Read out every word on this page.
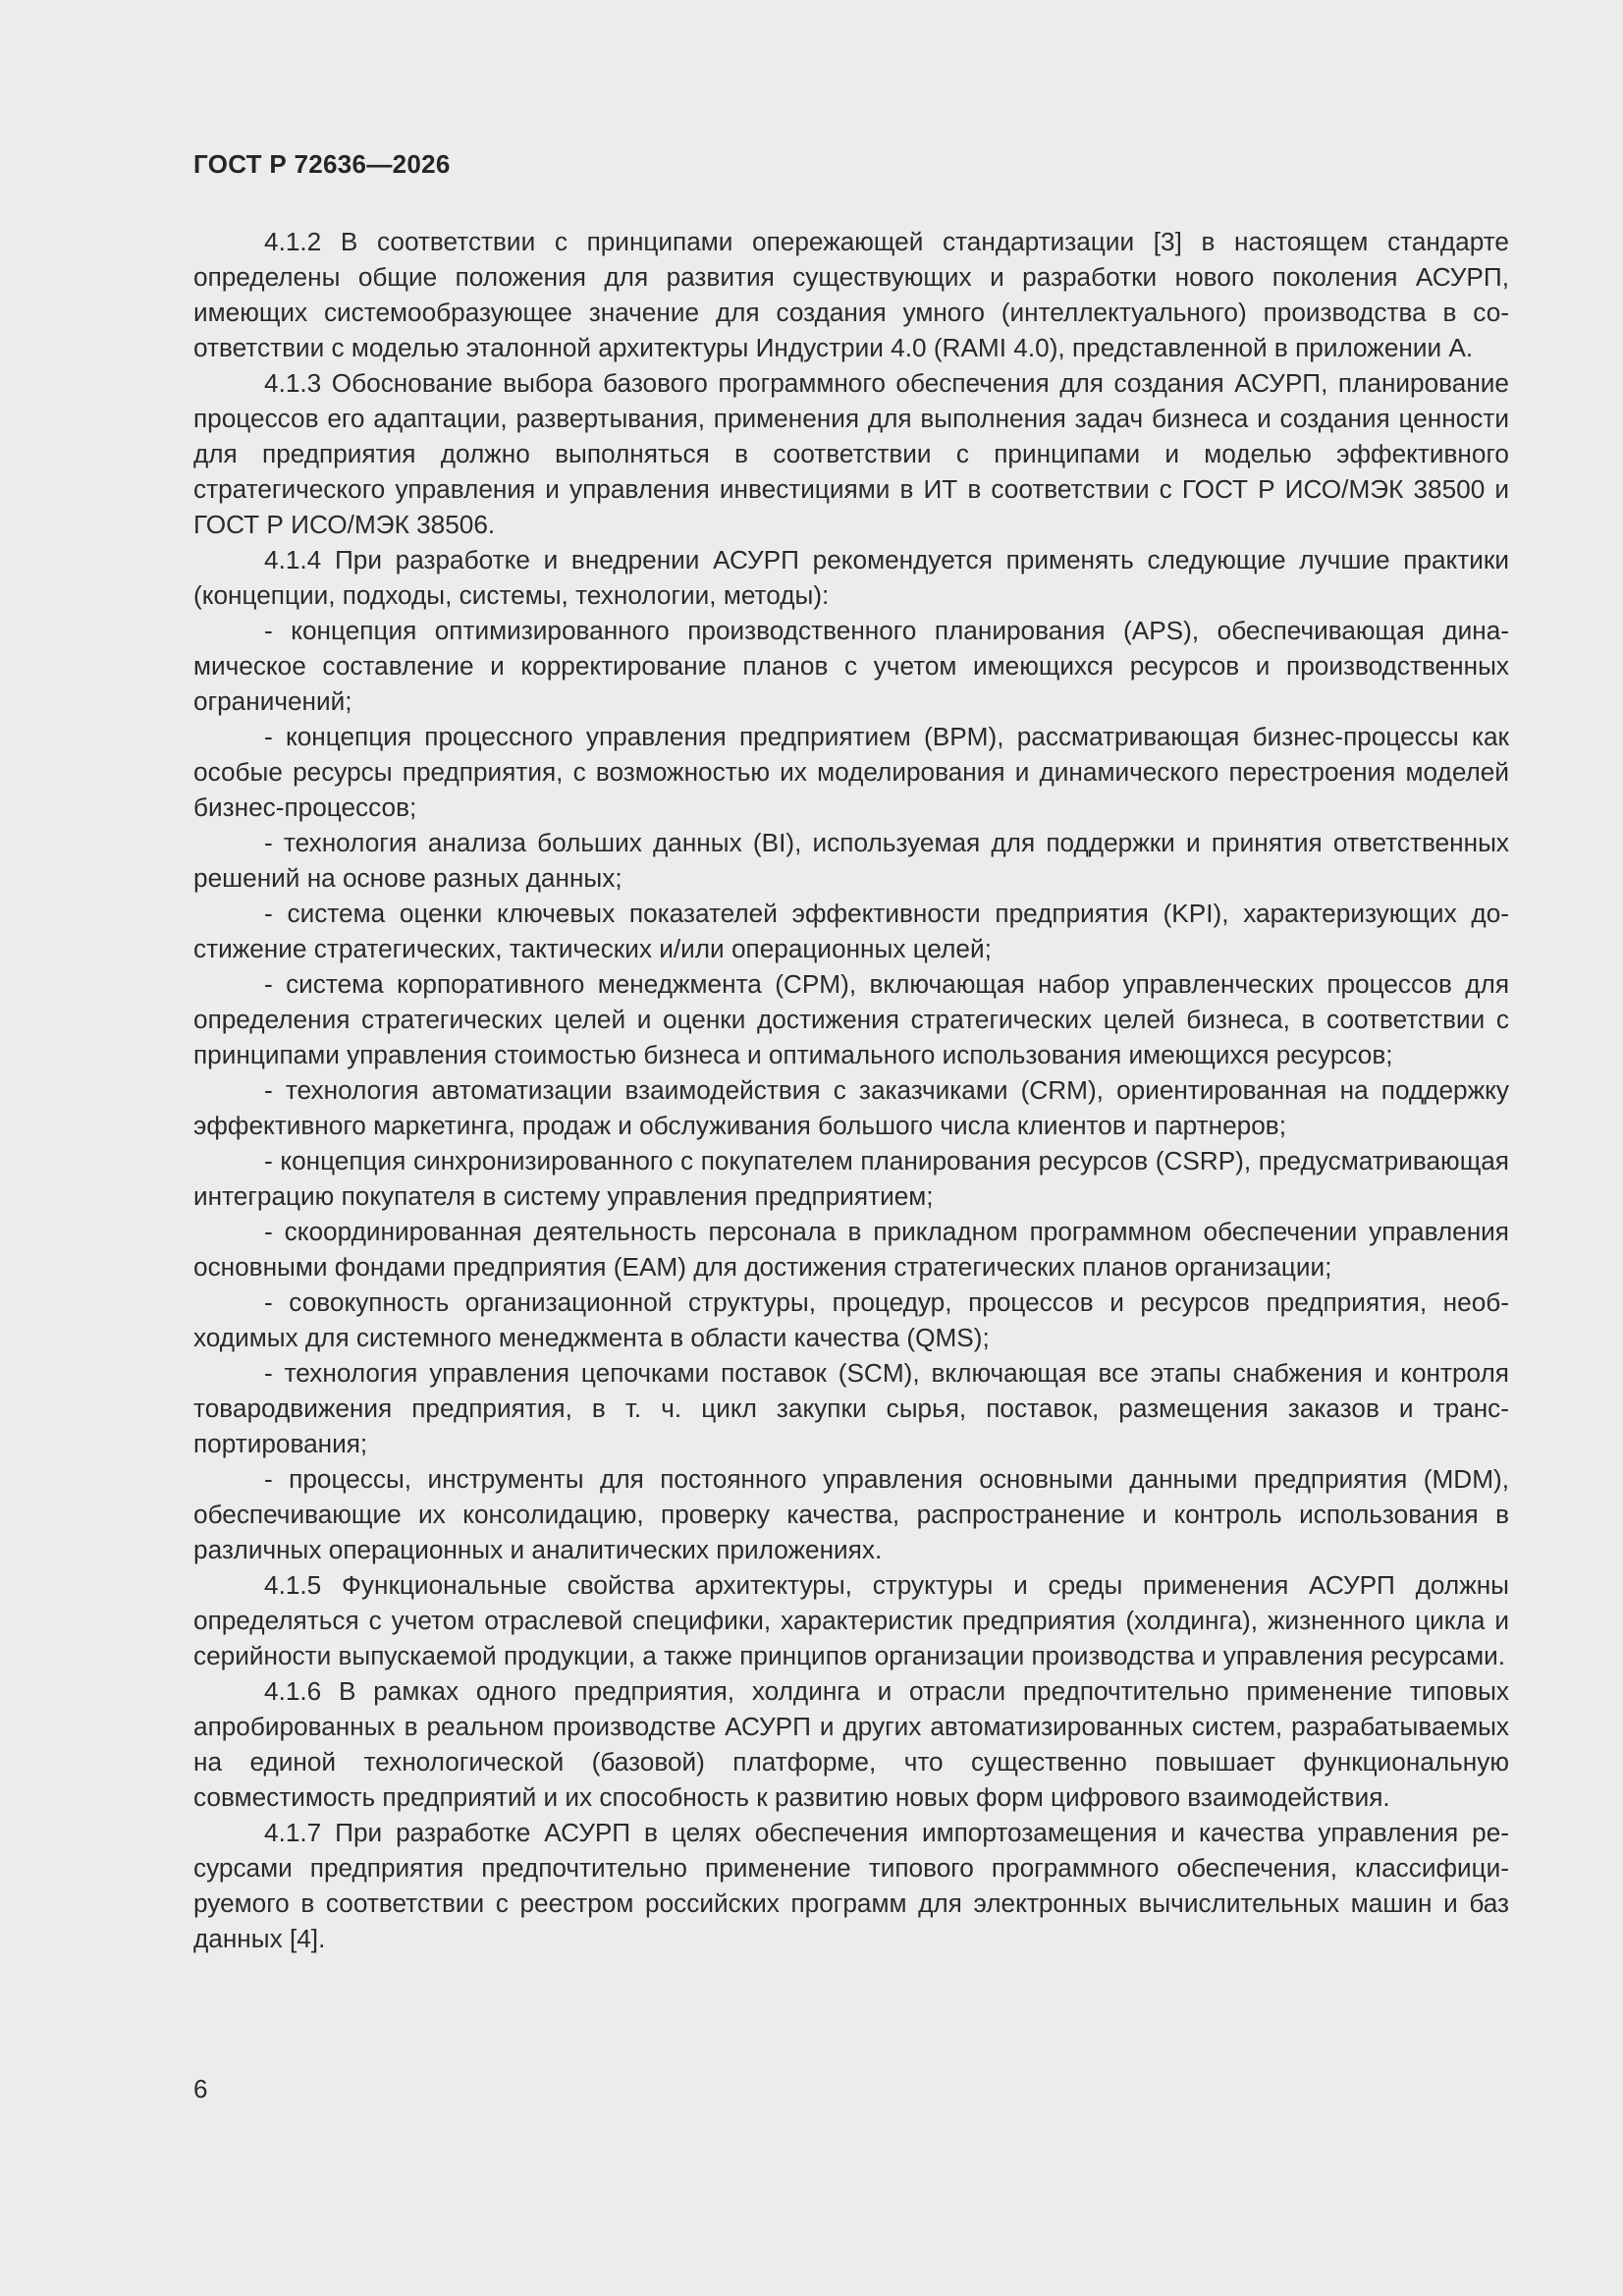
ГОСТ Р 72636—2026

4.1.2 В соответствии с принципами опережающей стандартизации [3] в настоящем стандарте определены общие положения для развития существующих и разработки нового поколения АСУРП, имеющих системообразующее значение для создания умного (интеллектуального) производства в соответствии с моделью эталонной архитектуры Индустрии 4.0 (RAMI 4.0), представленной в приложении А.

4.1.3 Обоснование выбора базового программного обеспечения для создания АСУРП, планирование процессов его адаптации, развертывания, применения для выполнения задач бизнеса и создания ценности для предприятия должно выполняться в соответствии с принципами и моделью эффективного стратегического управления и управления инвестициями в ИТ в соответствии с ГОСТ Р ИСО/МЭК 38500 и ГОСТ Р ИСО/МЭК 38506.

4.1.4 При разработке и внедрении АСУРП рекомендуется применять следующие лучшие практики (концепции, подходы, системы, технологии, методы):

- концепция оптимизированного производственного планирования (APS), обеспечивающая динамическое составление и корректирование планов с учетом имеющихся ресурсов и производственных ограничений;

- концепция процессного управления предприятием (BPM), рассматривающая бизнес-процессы как особые ресурсы предприятия, с возможностью их моделирования и динамического перестроения моделей бизнес-процессов;

- технология анализа больших данных (BI), используемая для поддержки и принятия ответственных решений на основе разных данных;

- система оценки ключевых показателей эффективности предприятия (KPI), характеризующих достижение стратегических, тактических и/или операционных целей;

- система корпоративного менеджмента (CPM), включающая набор управленческих процессов для определения стратегических целей и оценки достижения стратегических целей бизнеса, в соответствии с принципами управления стоимостью бизнеса и оптимального использования имеющихся ресурсов;

- технология автоматизации взаимодействия с заказчиками (CRM), ориентированная на поддержку эффективного маркетинга, продаж и обслуживания большого числа клиентов и партнеров;

- концепция синхронизированного с покупателем планирования ресурсов (CSRP), предусматривающая интеграцию покупателя в систему управления предприятием;

- скоординированная деятельность персонала в прикладном программном обеспечении управления основными фондами предприятия (EAM) для достижения стратегических планов организации;

- совокупность организационной структуры, процедур, процессов и ресурсов предприятия, необходимых для системного менеджмента в области качества (QMS);

- технология управления цепочками поставок (SCM), включающая все этапы снабжения и контроля товародвижения предприятия, в т. ч. цикл закупки сырья, поставок, размещения заказов и транспортирования;

- процессы, инструменты для постоянного управления основными данными предприятия (MDM), обеспечивающие их консолидацию, проверку качества, распространение и контроль использования в различных операционных и аналитических приложениях.

4.1.5 Функциональные свойства архитектуры, структуры и среды применения АСУРП должны определяться с учетом отраслевой специфики, характеристик предприятия (холдинга), жизненного цикла и серийности выпускаемой продукции, а также принципов организации производства и управления ресурсами.

4.1.6 В рамках одного предприятия, холдинга и отрасли предпочтительно применение типовых апробированных в реальном производстве АСУРП и других автоматизированных систем, разрабатываемых на единой технологической (базовой) платформе, что существенно повышает функциональную совместимость предприятий и их способность к развитию новых форм цифрового взаимодействия.

4.1.7 При разработке АСУРП в целях обеспечения импортозамещения и качества управления ресурсами предприятия предпочтительно применение типового программного обеспечения, классифицируемого в соответствии с реестром российских программ для электронных вычислительных машин и баз данных [4].

6
